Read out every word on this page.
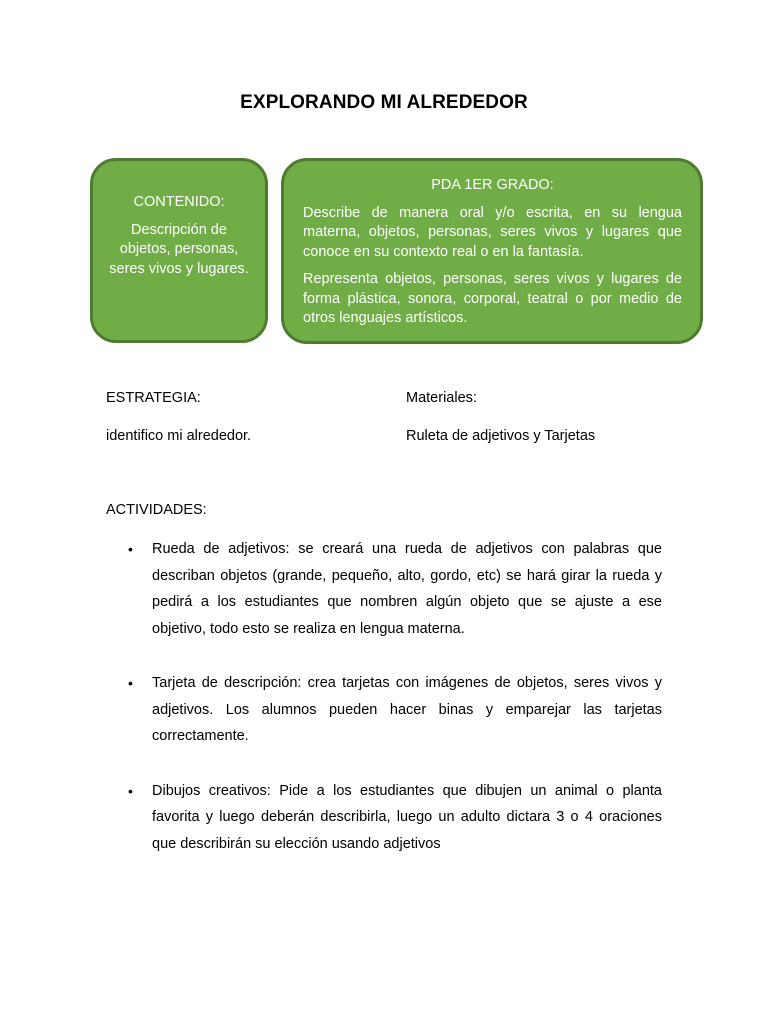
EXPLORANDO MI ALREDEDOR
CONTENIDO:
Descripción de objetos, personas, seres vivos y lugares.
PDA 1ER GRADO:

Describe de manera oral y/o escrita, en su lengua materna, objetos, personas, seres vivos y lugares que conoce en su contexto real o en la fantasía.

Representa objetos, personas, seres vivos y lugares de forma plástica, sonora, corporal, teatral o por medio de otros lenguajes artísticos.

ESTRATEGIA:
identifico mi alrededor.
Materiales:
Ruleta de adjetivos y Tarjetas
ACTIVIDADES:
• Rueda de adjetivos: se creará una rueda de adjetivos con palabras que describan objetos (grande, pequeño, alto, gordo, etc) se hará girar la rueda y pedirá a los estudiantes que nombren algún objeto que se ajuste a ese objetivo, todo esto se realiza en lengua materna.
• Tarjeta de descripción: crea tarjetas con imágenes de objetos, seres vivos y adjetivos. Los alumnos pueden hacer binas y emparejar las tarjetas correctamente.
• Dibujos creativos: Pide a los estudiantes que dibujen un animal o planta favorita y luego deberán describirla, luego un adulto dictara 3 o 4 oraciones que describirán su elección usando adjetivos
